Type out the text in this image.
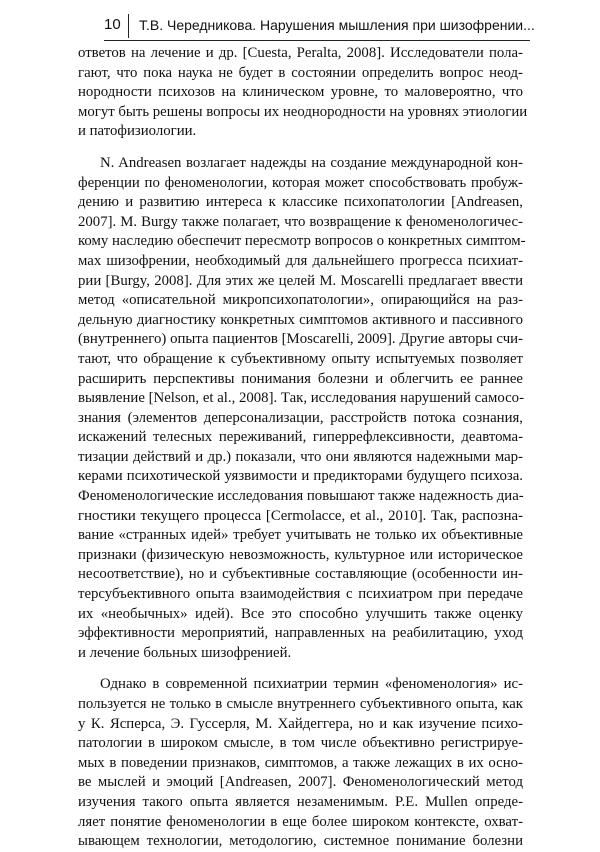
10 Т.В. Чередникова. Нарушения мышления при шизофрении...
ответов на лечение и др. [Cuesta, Peralta, 2008]. Исследователи пола-
гают, что пока наука не будет в состоянии определить вопрос неод-
нородности психозов на клиническом уровне, то маловероятно, что
могут быть решены вопросы их неоднородности на уровнях этиологии
и патофизиологии.
N. Andreasen возлагает надежды на создание международной кон-
ференции по феноменологии, которая может способствовать пробуж-
дению и развитию интереса к классике психопатологии [Andreasen,
2007]. M. Burgy также полагает, что возвращение к феноменологичес-
кому наследию обеспечит пересмотр вопросов о конкретных симптом-
мах шизофрении, необходимый для дальнейшего прогресса психиат-
рии [Burgy, 2008]. Для этих же целей M. Moscarelli предлагает ввести
метод «описательной микропсихопатологии», опирающийся на раз-
дельную диагностику конкретных симптомов активного и пассивного
(внутреннего) опыта пациентов [Moscarelli, 2009]. Другие авторы счи-
тают, что обращение к субъективному опыту испытуемых позволяет
расширить перспективы понимания болезни и облегчить ее раннее
выявление [Nelson, et al., 2008]. Так, исследования нарушений самосо-
знания (элементов деперсонализации, расстройств потока сознания,
искажений телесных переживаний, гиперрефлексивности, деавтома-
тизации действий и др.) показали, что они являются надежными мар-
керами психотической уязвимости и предикторами будущего психоза.
Феноменологические исследования повышают также надежность диа-
гностики текущего процесса [Cermolacce, et al., 2010]. Так, распозна-
вание «странных идей» требует учитывать не только их объективные
признаки (физическую невозможность, культурное или историческое
несоответствие), но и субъективные составляющие (особенности ин-
терсубъективного опыта взаимодействия с психиатром при передаче
их «необычных» идей). Все это способно улучшить также оценку
эффективности мероприятий, направленных на реабилитацию, уход
и лечение больных шизофренией.
Однако в современной психиатрии термин «феноменология» ис-
пользуется не только в смысле внутреннего субъективного опыта, как
у К. Ясперса, Э. Гуссерля, М. Хайдеггера, но и как изучение психо-
патологии в широком смысле, в том числе объективно регистрируе-
мых в поведении признаков, симптомов, а также лежащих в их осно-
ве мыслей и эмоций [Andreasen, 2007]. Феноменологический метод
изучения такого опыта является незаменимым. P.E. Mullen опреде-
ляет понятие феноменологии в еще более широком контексте, охват-
ывающем технологии, методологию, системное понимание болезни
